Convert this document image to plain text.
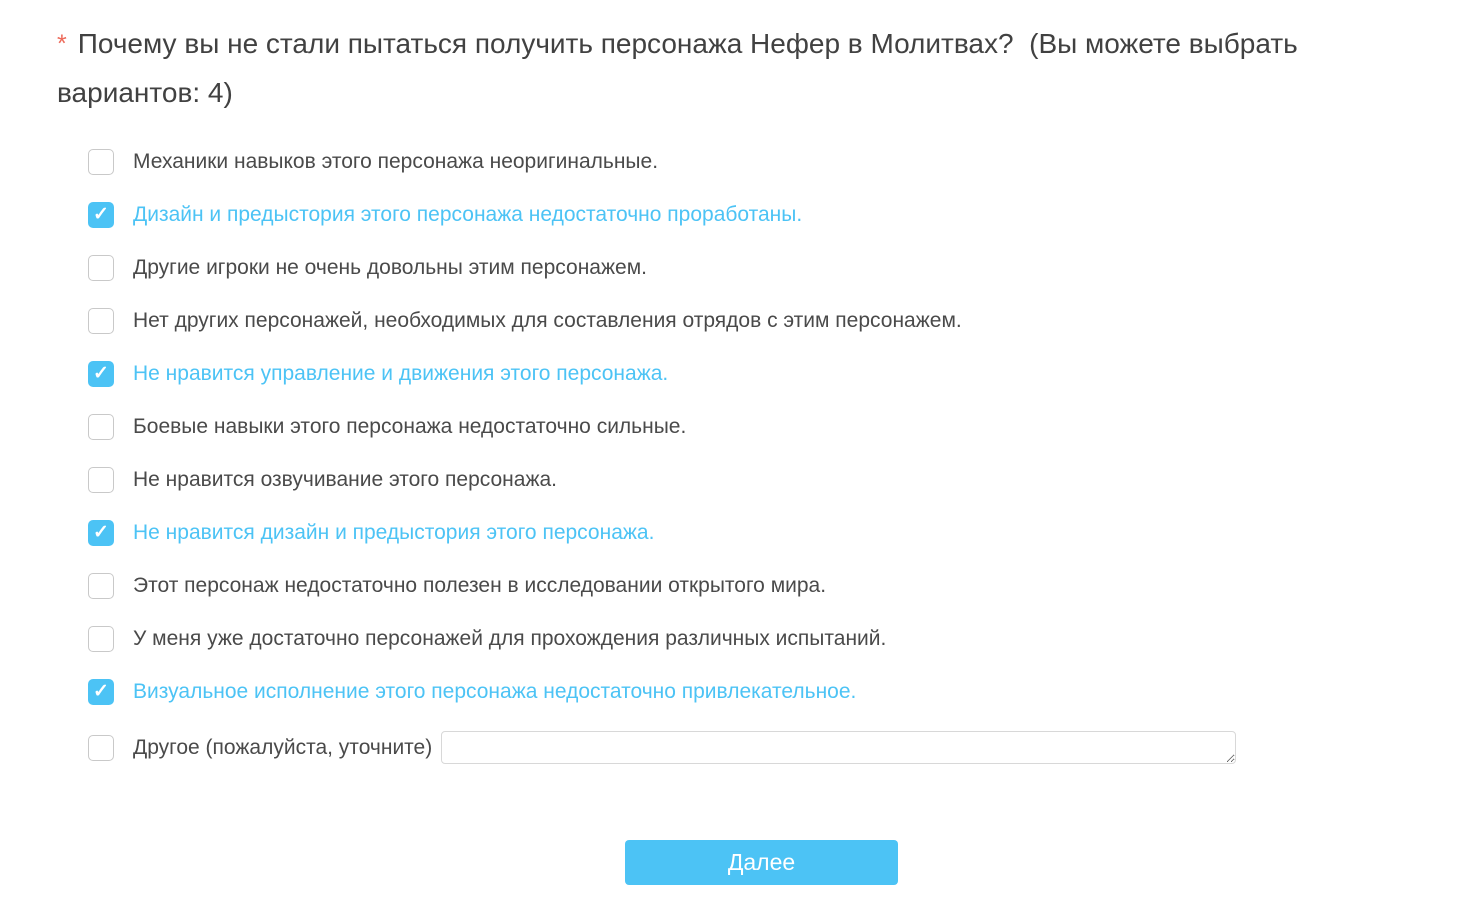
* Почему вы не стали пытаться получить персонажа Нефер в Молитвах?  (Вы можете выбрать вариантов: 4)
Механики навыков этого персонажа неоригинальные.
✓ Дизайн и предыстория этого персонажа недостаточно проработаны.
Другие игроки не очень довольны этим персонажем.
Нет других персонажей, необходимых для составления отрядов с этим персонажем.
✓ Не нравится управление и движения этого персонажа.
Боевые навыки этого персонажа недостаточно сильные.
Не нравится озвучивание этого персонажа.
✓ Не нравится дизайн и предыстория этого персонажа.
Этот персонаж недостаточно полезен в исследовании открытого мира.
У меня уже достаточно персонажей для прохождения различных испытаний.
✓ Визуальное исполнение этого персонажа недостаточно привлекательное.
Другое (пожалуйста, уточните)
Далее
